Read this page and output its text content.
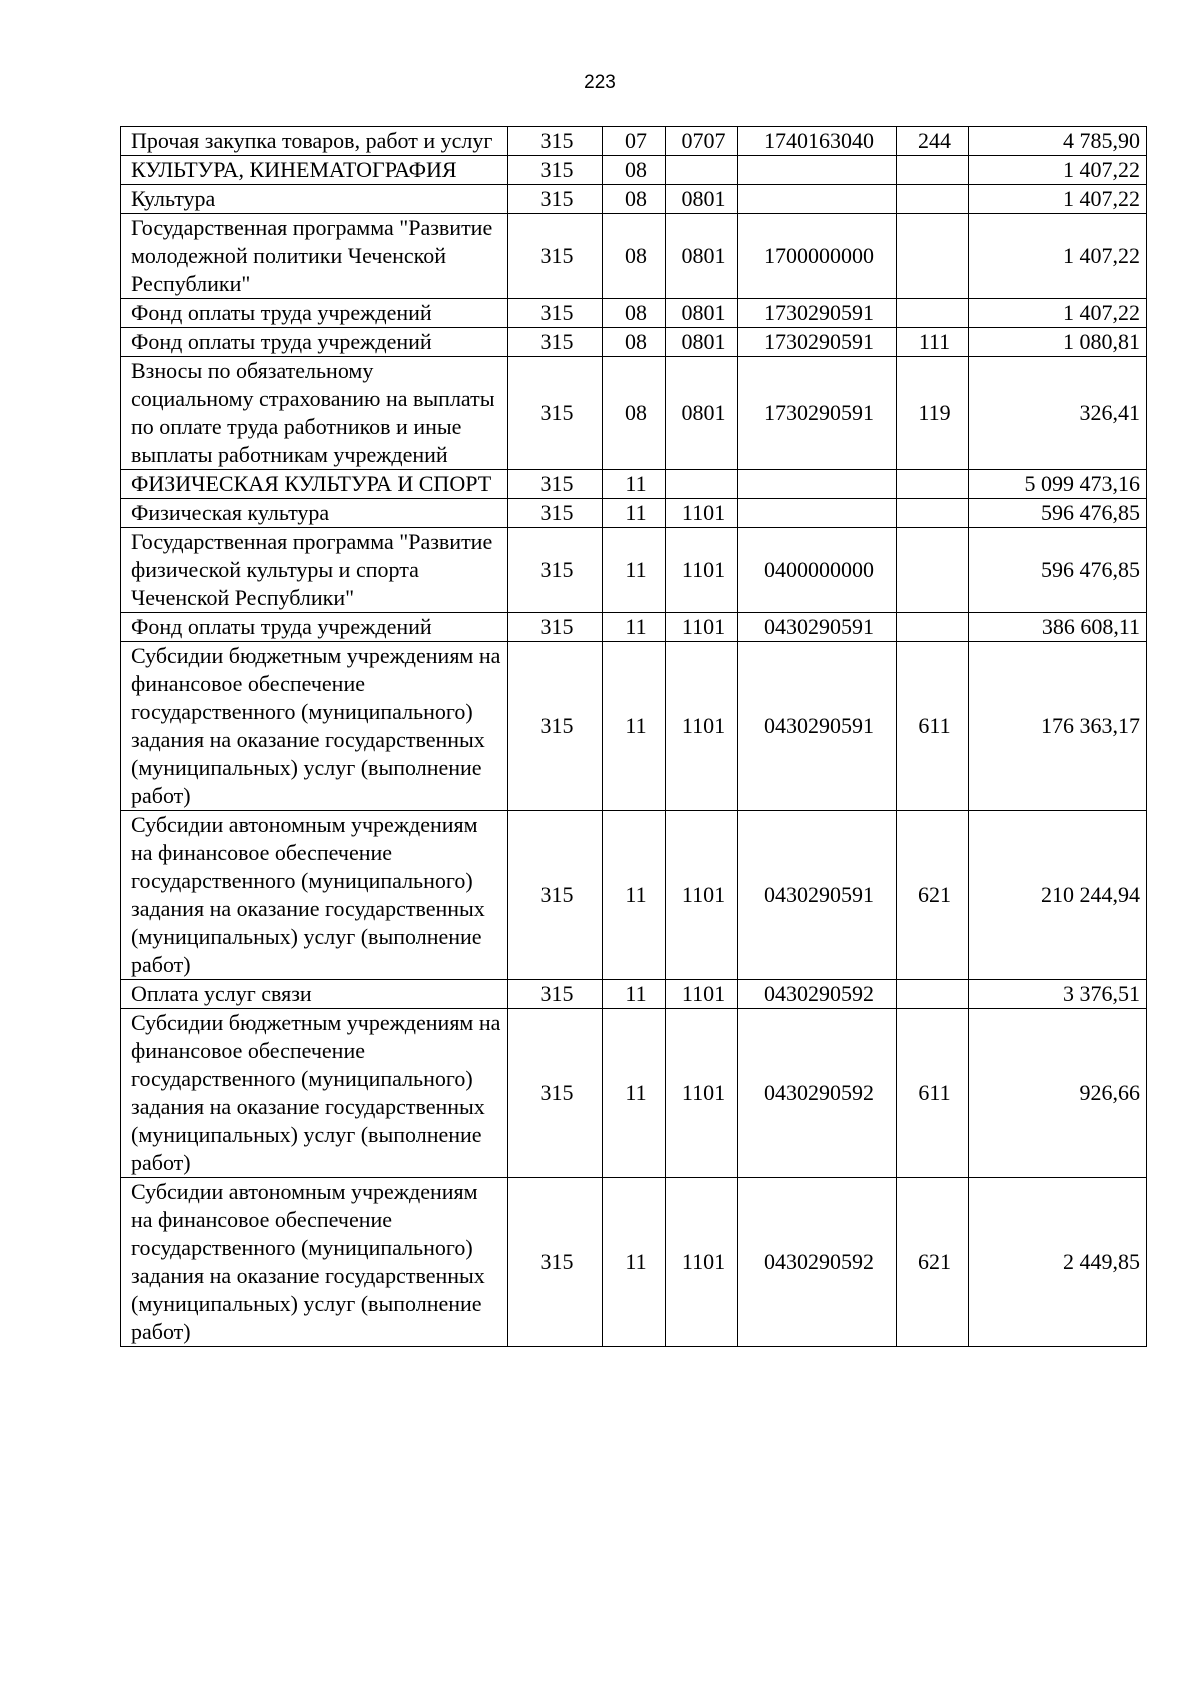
223
Прочая закупка товаров, работ и услуг	315	07	0707	1740163040	244	4 785,90
КУЛЬТУРА, КИНЕМАТОГРАФИЯ	315	08				1 407,22
Культура	315	08	0801			1 407,22
Государственная программа "Развитие молодежной политики Чеченской Республики"	315	08	0801	1700000000		1 407,22
Фонд оплаты труда учреждений	315	08	0801	1730290591		1 407,22
Фонд оплаты труда учреждений	315	08	0801	1730290591	111	1 080,81
Взносы по обязательному социальному страхованию на выплаты по оплате труда работников и иные выплаты работникам учреждений	315	08	0801	1730290591	119	326,41
ФИЗИЧЕСКАЯ КУЛЬТУРА И СПОРТ	315	11				5 099 473,16
Физическая культура	315	11	1101			596 476,85
Государственная программа "Развитие физической культуры и спорта Чеченской Республики"	315	11	1101	0400000000		596 476,85
Фонд оплаты труда учреждений	315	11	1101	0430290591		386 608,11
Субсидии бюджетным учреждениям на финансовое обеспечение государственного (муниципального) задания на оказание государственных (муниципальных) услуг (выполнение работ)	315	11	1101	0430290591	611	176 363,17
Субсидии автономным учреждениям на финансовое обеспечение государственного (муниципального) задания на оказание государственных (муниципальных) услуг (выполнение работ)	315	11	1101	0430290591	621	210 244,94
Оплата услуг связи	315	11	1101	0430290592		3 376,51
Субсидии бюджетным учреждениям на финансовое обеспечение государственного (муниципального) задания на оказание государственных (муниципальных) услуг (выполнение работ)	315	11	1101	0430290592	611	926,66
Субсидии автономным учреждениям на финансовое обеспечение государственного (муниципального) задания на оказание государственных (муниципальных) услуг (выполнение работ)	315	11	1101	0430290592	621	2 449,85
